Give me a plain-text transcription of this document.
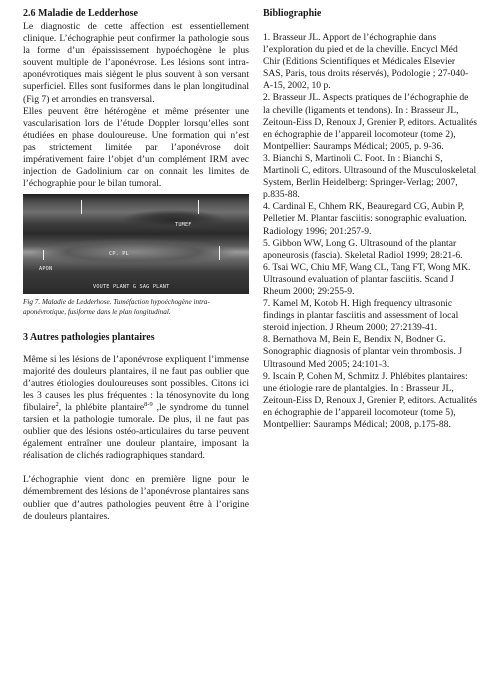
2.6 Maladie de Ledderhose

Le diagnostic de cette affection est essentiellement clinique. L’échographie peut confirmer la pathologie sous la forme d’un épaississement hypoéchogène le plus souvent multiple de l’aponévrose. Les lésions sont intra-aponévrotiques mais siègent le plus souvent à son versant superficiel. Elles sont fusiformes dans le plan longitudinal (Fig 7) et arrondies en transversal.

Elles peuvent être hétérogène et même présenter une vascularisation lors de l’étude Doppler lorsqu’elles sont étudiées en phase douloureuse. Une formation qui n’est pas strictement limitée par l’aponévrose doit impérativement faire l’objet d’un complément IRM avec injection de Gadolinium car on connait les limites de l’échographie pour le bilan tumoral.

TUMEF
CP. PL
APON
VOUTE PLANT G SAG PLANT
Fig 7. Maladie de Ledderhose. Tuméfaction hypoéchogène intra-aponévrotique, fusiforme dans le plan longitudinal.
3 Autres pathologies plantaires

Même si les lésions de l’aponévrose expliquent l’immense majorité des douleurs plantaires, il ne faut pas oublier que d’autres étiologies douloureuses sont possibles. Citons ici les 3 causes les plus fréquentes : la ténosynovite du long fibulaire$^2$, la phlébite plantaire$^{8-9}$ ,le syndrome du tunnel tarsien et la pathologie tumorale. De plus, il ne faut pas oublier que des lésions ostéo-articulaires du tarse peuvent également entraîner une douleur plantaire, imposant la réalisation de clichés radiographiques standard.

L’échographie vient donc en première ligne pour le démembrement des lésions de l’aponévrose plantaires sans oublier que d’autres pathologies peuvent être à l’origine de douleurs plantaires.

Bibliographie

1. Brasseur JL. Apport de l’échographie dans l’exploration du pied et de la cheville. Encycl Méd Chir (Editions Scientifiques et Médicales Elsevier SAS, Paris, tous droits réservés), Podologie ; 27-040-A-15, 2002, 10 p.

2. Brasseur JL. Aspects pratiques de l’échographie de la cheville (ligaments et tendons). In : Brasseur JL, Zeitoun-Eiss D, Renoux J, Grenier P, editors. Actualités en échographie de l’appareil locomoteur (tome 2), Montpellier: Sauramps Médical; 2005, p. 9-36.

3. Bianchi S, Martinoli C. Foot. In : Bianchi S, Martinoli C, editors. Ultrasound of the Musculoskeletal System, Berlin Heidelberg: Springer-Verlag; 2007, p.835-88.

4. Cardinal E, Chhem RK, Beauregard CG, Aubin P, Pelletier M. Plantar fasciitis: sonographic evaluation. Radiology 1996; 201:257-9.

5. Gibbon WW, Long G. Ultrasound of the plantar aponeurosis (fascia). Skeletal Radiol 1999; 28:21-6.

6. Tsai WC, Chiu MF, Wang CL, Tang FT, Wong MK. Ultrasound evaluation of plantar fasciitis. Scand J Rheum 2000; 29:255-9.

7. Kamel M, Kotob H. High frequency ultrasonic findings in plantar fasciitis and assessment of local steroid injection. J Rheum 2000; 27:2139-41.

8. Bernathova M, Bein E, Bendix N, Bodner G. Sonographic diagnosis of plantar vein thrombosis. J Ultrasound Med 2005; 24:101-3.

9. Iscain P, Cohen M, Schmitz J. Phlébites plantaires: une étiologie rare de plantalgies. In : Brasseur JL, Zeitoun-Eiss D, Renoux J, Grenier P, editors. Actualités en échographie de l’appareil locomoteur (tome 5), Montpellier: Sauramps Médical; 2008, p.175-88.
